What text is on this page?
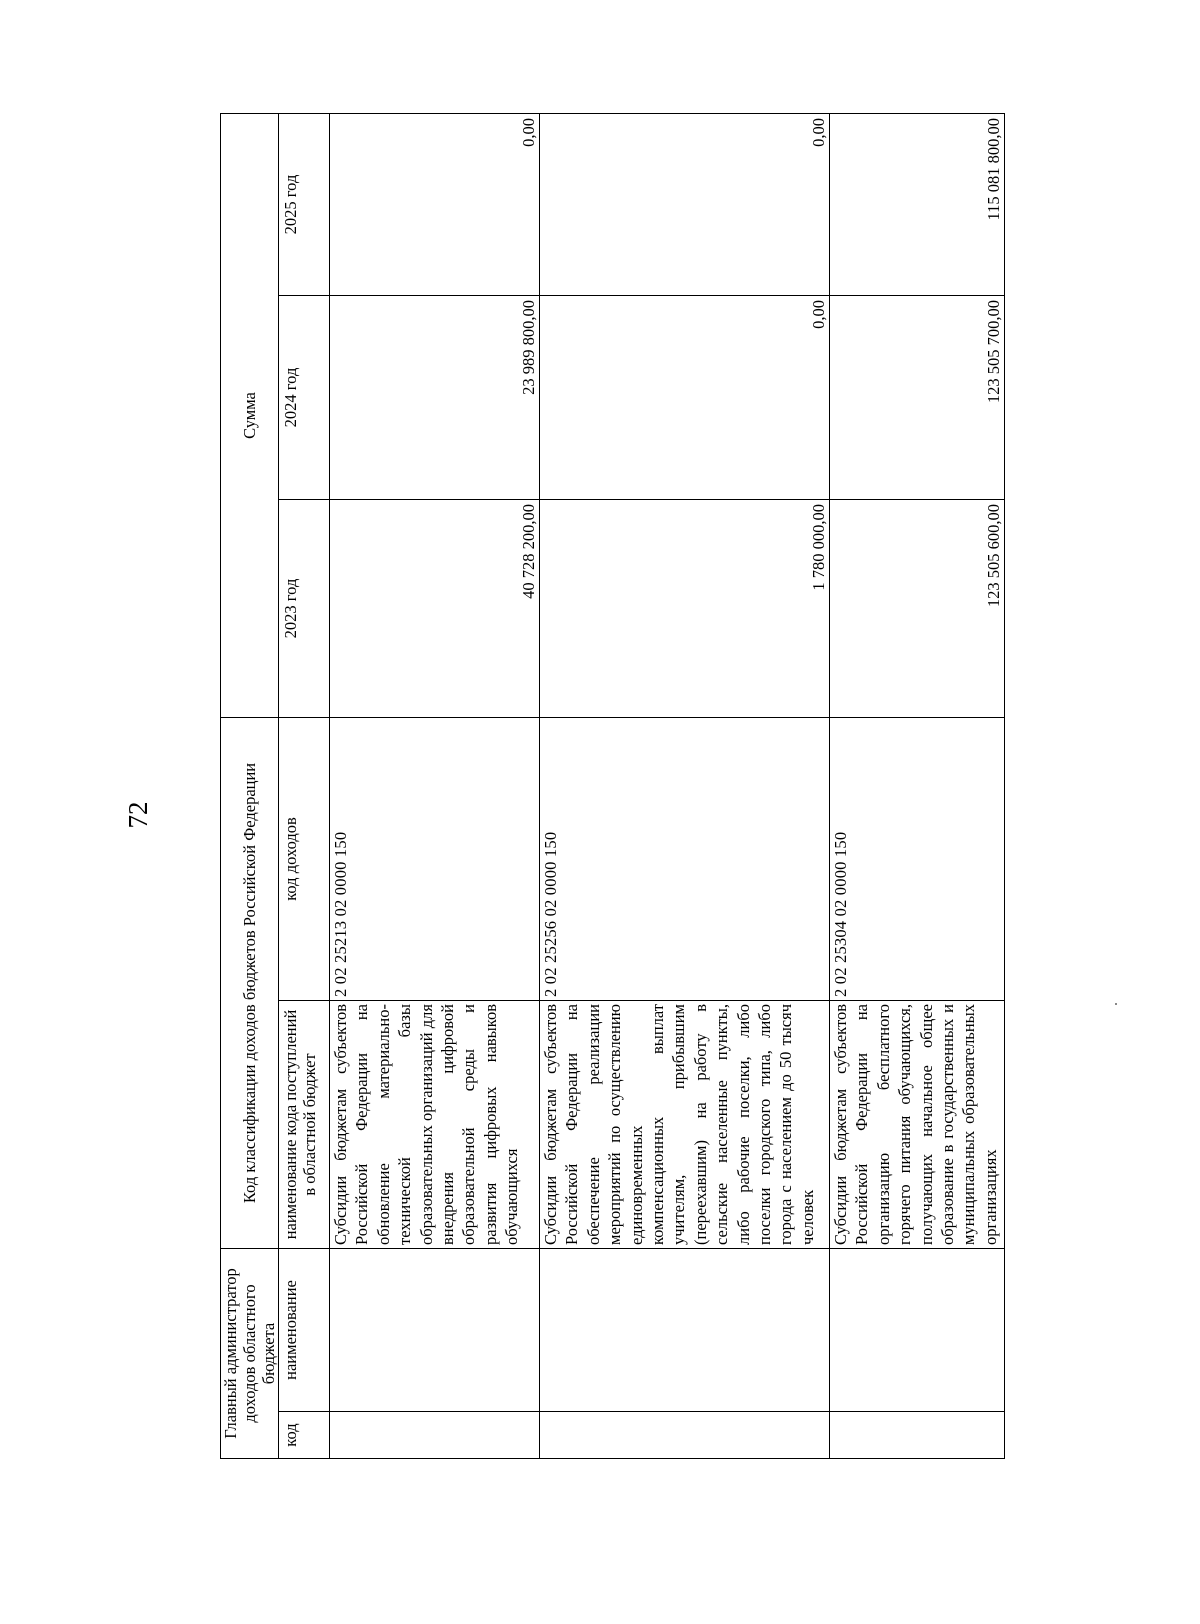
72
Главный администратор доходов областного бюджета		Код классификации доходов бюджетов Российской Федерации		Сумма		
код	наименование	наименование кода поступлений в областной бюджет	код доходов	2023 год	2024 год	2025 год
		Субсидии бюджетам субъектов Российской Федерации на обновление материально-технической базы образовательных организаций для внедрения цифровой образовательной среды и развития цифровых навыков обучающихся	2 02 25213 02 0000 150	40 728 200,00	23 989 800,00	0,00
		Субсидии бюджетам субъектов Российской Федерации на обеспечение реализации мероприятий по осуществлению единовременных компенсационных выплат учителям, прибывшим (переехавшим) на работу в сельские населенные пункты, либо рабочие поселки, либо поселки городского типа, либо города с населением до 50 тысяч человек	2 02 25256 02 0000 150	1 780 000,00	0,00	0,00
		Субсидии бюджетам субъектов Российской Федерации на организацию бесплатного горячего питания обучающихся, получающих начальное общее образование в государственных и муниципальных образовательных организациях	2 02 25304 02 0000 150	123 505 600,00	123 505 700,00	115 081 800,00
